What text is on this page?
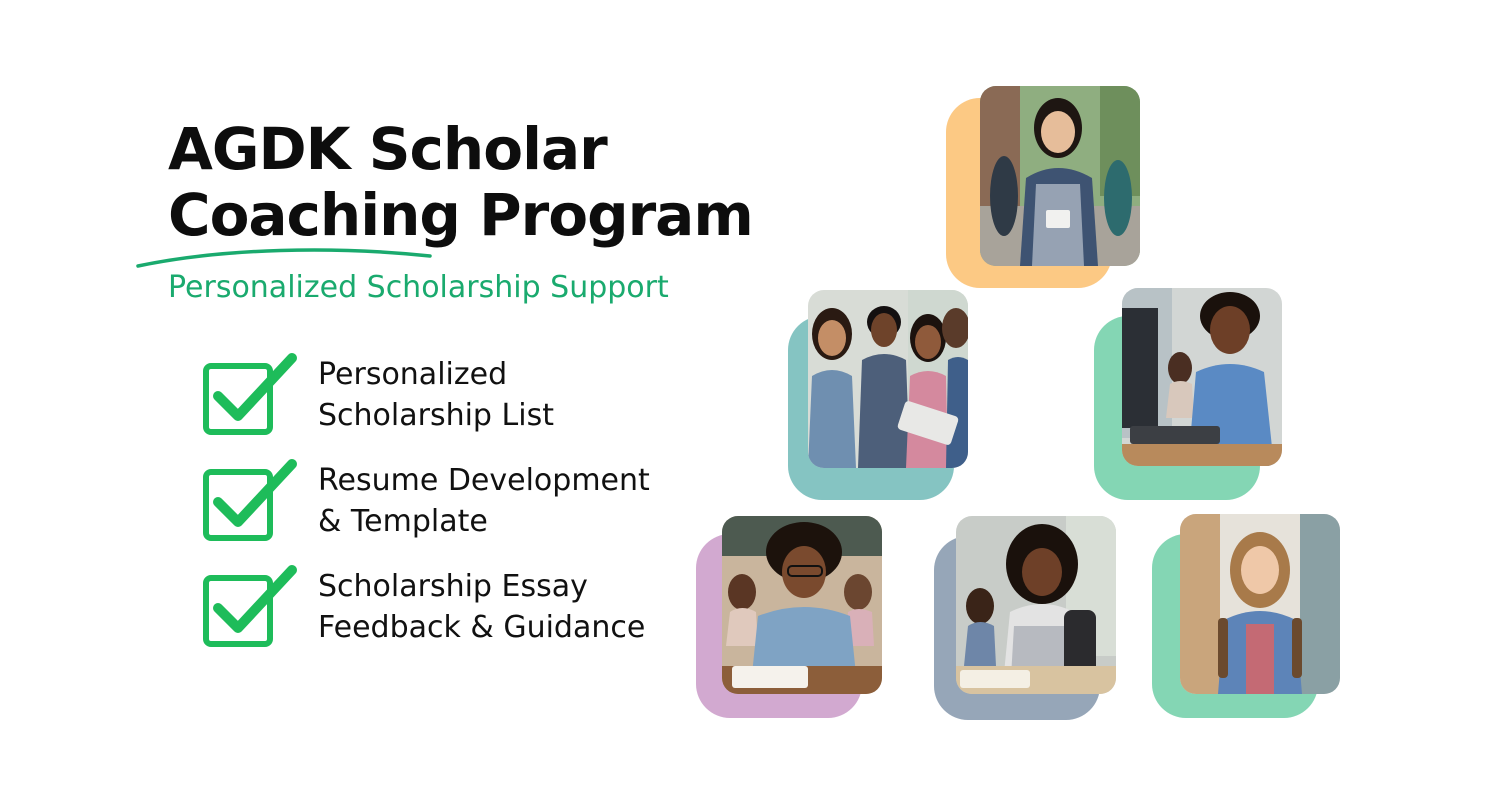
AGDK Scholar
Coaching Program

Personalized Scholarship Support

Personalized
Scholarship List
Resume Development
& Template
Scholarship Essay
Feedback & Guidance
